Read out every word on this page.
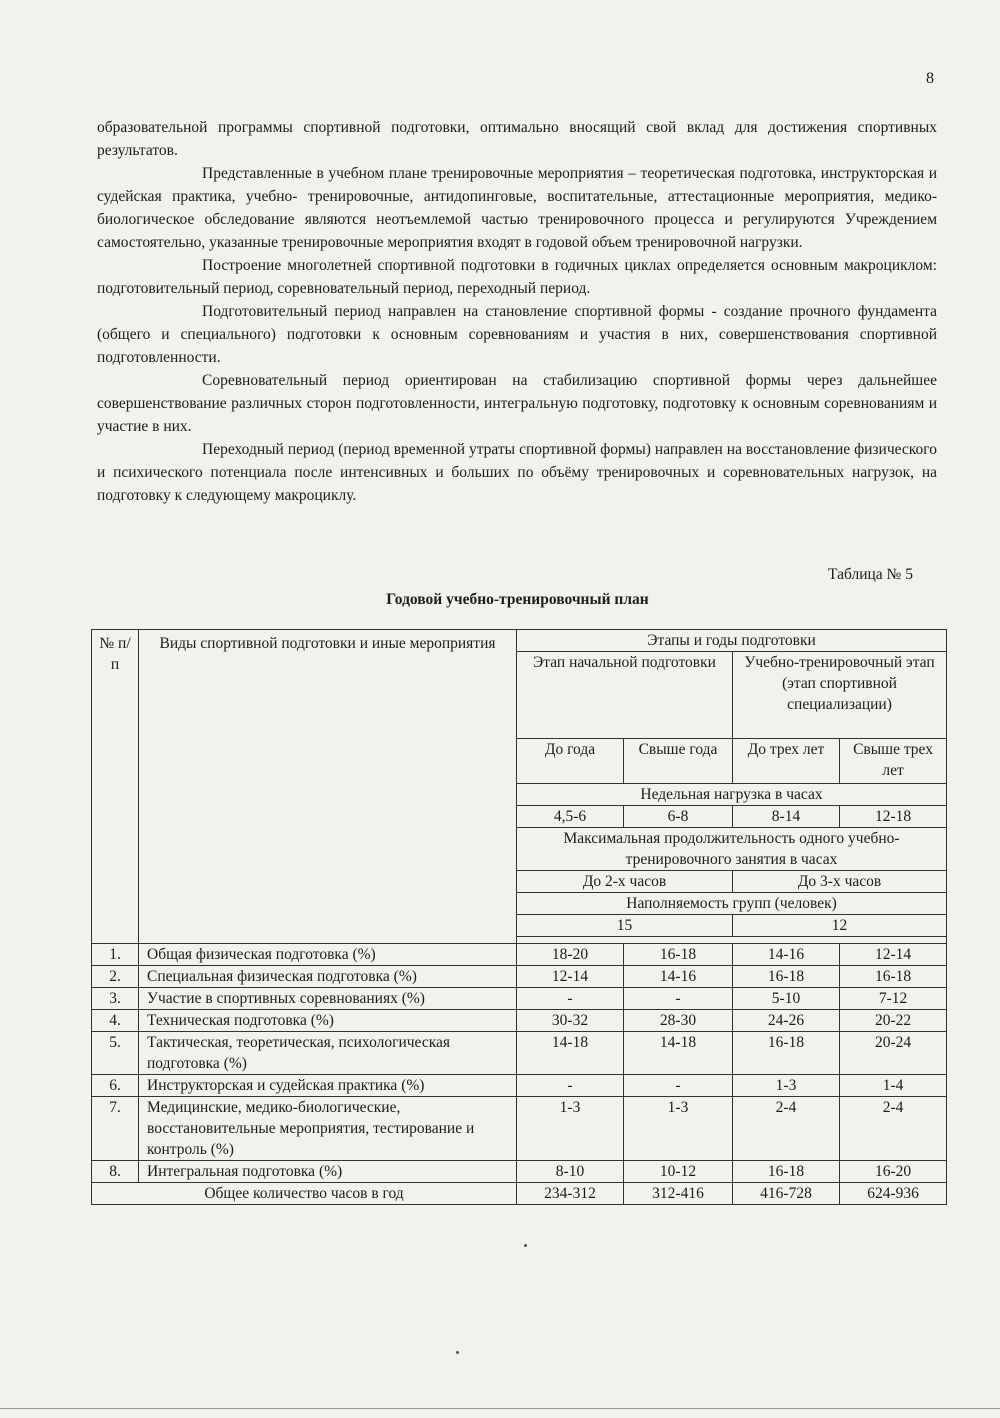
8

образовательной программы спортивной подготовки, оптимально вносящий свой вклад для достижения спортивных результатов.

Представленные в учебном плане тренировочные мероприятия – теоретическая подготовка, инструкторская и судейская практика, учебно- тренировочные, антидопинговые, воспитательные, аттестационные мероприятия, медико-биологическое обследование являются неотъемлемой частью тренировочного процесса и регулируются Учреждением самостоятельно, указанные тренировочные мероприятия входят в годовой объем тренировочной нагрузки.

Построение многолетней спортивной подготовки в годичных циклах определяется основным макроциклом: подготовительный период, соревновательный период, переходный период.

Подготовительный период направлен на становление спортивной формы - создание прочного фундамента (общего и специального) подготовки к основным соревнованиям и участия в них, совершенствования спортивной подготовленности.

Соревновательный период ориентирован на стабилизацию спортивной формы через дальнейшее совершенствование различных сторон подготовленности, интегральную подготовку, подготовку к основным соревнованиям и участие в них.

Переходный период (период временной утраты спортивной формы) направлен на восстановление физического и психического потенциала после интенсивных и больших по объёму тренировочных и соревновательных нагрузок, на подготовку к следующему макроциклу.

Таблица № 5
Годовой учебно-тренировочный план
№ п/п	Виды спортивной подготовки и иные мероприятия	Этапы и годы подготовки			
		Этап начальной подготовки		Учебно-тренировочный этап (этап спортивной специализации)	
		До года	Свыше года	До трех лет	Свыше трех лет
		Недельная нагрузка в часах			
		4,5-6	6-8	8-14	12-18
		Максимальная продолжительность одного учебно-тренировочного занятия в часах			
		До 2-х часов		До 3-х часов	
		Наполняемость групп (человек)			
		15		12	

1.	Общая физическая подготовка (%)	18-20	16-18	14-16	12-14
2.	Специальная физическая подготовка (%)	12-14	14-16	16-18	16-18
3.	Участие в спортивных соревнованиях (%)	-	-	5-10	7-12
4.	Техническая подготовка (%)	30-32	28-30	24-26	20-22
5.	Тактическая, теоретическая, психологическая подготовка (%)	14-18	14-18	16-18	20-24
6.	Инструкторская и судейская практика (%)	-	-	1-3	1-4
7.	Медицинские, медико-биологические, восстановительные мероприятия, тестирование и контроль (%)	1-3	1-3	2-4	2-4
8.	Интегральная подготовка (%)	8-10	10-12	16-18	16-20
Общее количество часов в год		234-312	312-416	416-728	624-936
